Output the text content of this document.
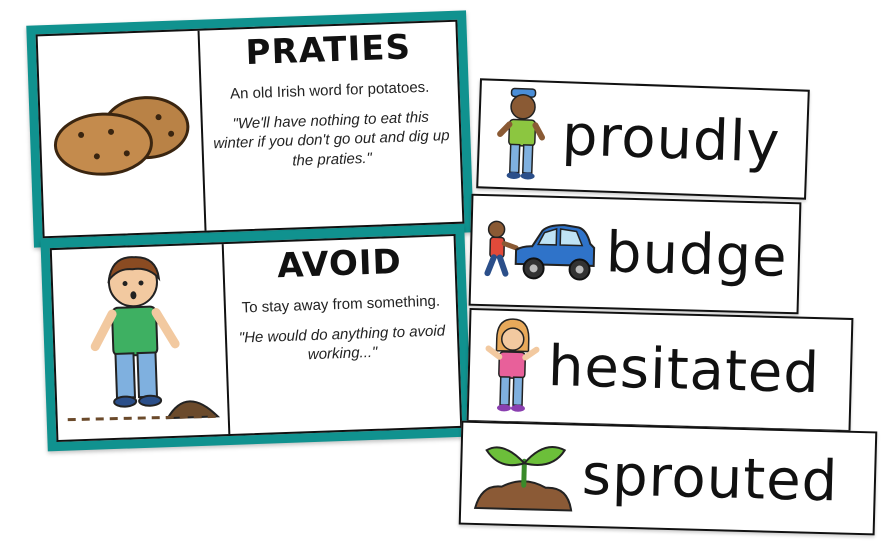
PRATIES
An old Irish word for potatoes.
"We'll have nothing to eat this winter if you don't go out and dig up the praties."
AVOID
To stay away from something.
"He would do anything to avoid working..."
proudly
budge
hesitated
sprouted
